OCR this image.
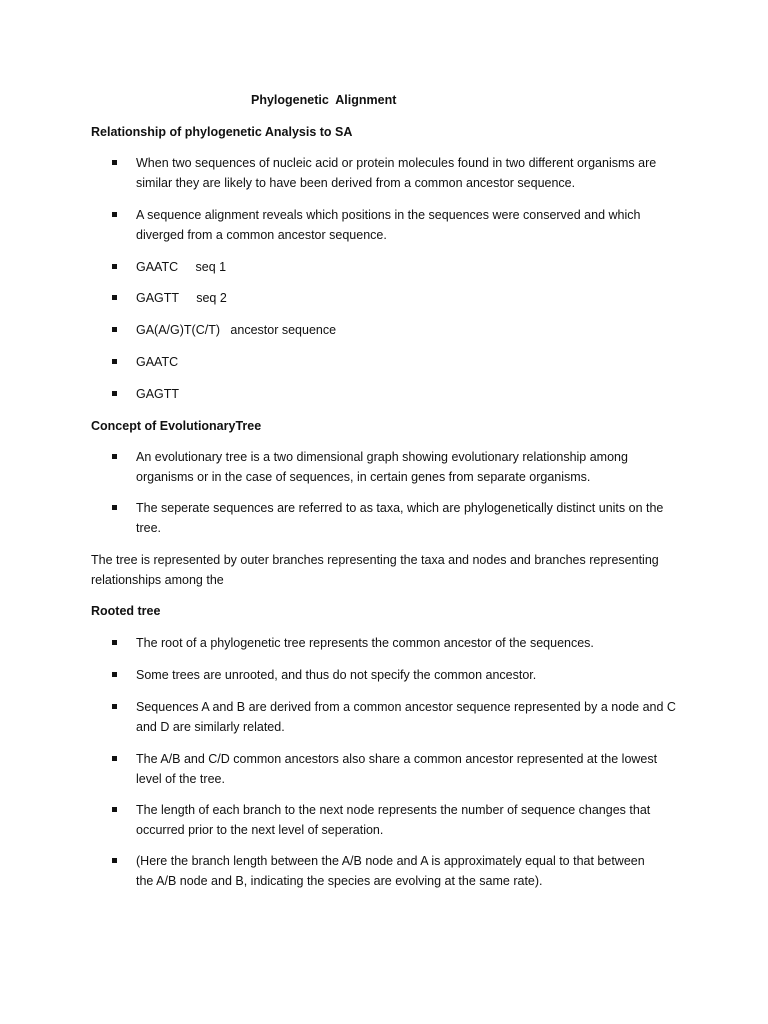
Phylogenetic  Alignment
Relationship of phylogenetic Analysis to SA
When two sequences of nucleic acid or protein molecules found in two different organisms are
similar they are likely to have been derived from a common ancestor sequence.
A sequence alignment reveals which positions in the sequences were conserved and which
diverged from a common ancestor sequence.
GAATC     seq 1
GAGTT     seq 2
GA(A/G)T(C/T)   ancestor sequence
GAATC
GAGTT
Concept of EvolutionaryTree
An evolutionary tree is a two dimensional graph showing evolutionary relationship among
organisms or in the case of sequences, in certain genes from separate organisms.
The seperate sequences are referred to as taxa, which are phylogenetically distinct units on the
tree.
The tree is represented by outer branches representing the taxa and nodes and branches representing
relationships among the
Rooted tree
The root of a phylogenetic tree represents the common ancestor of the sequences.
Some trees are unrooted, and thus do not specify the common ancestor.
Sequences A and B are derived from a common ancestor sequence represented by a node and C
and D are similarly related.
The A/B and C/D common ancestors also share a common ancestor represented at the lowest
level of the tree.
The length of each branch to the next node represents the number of sequence changes that
occurred prior to the next level of seperation.
(Here the branch length between the A/B node and A is approximately equal to that between
the A/B node and B, indicating the species are evolving at the same rate).
